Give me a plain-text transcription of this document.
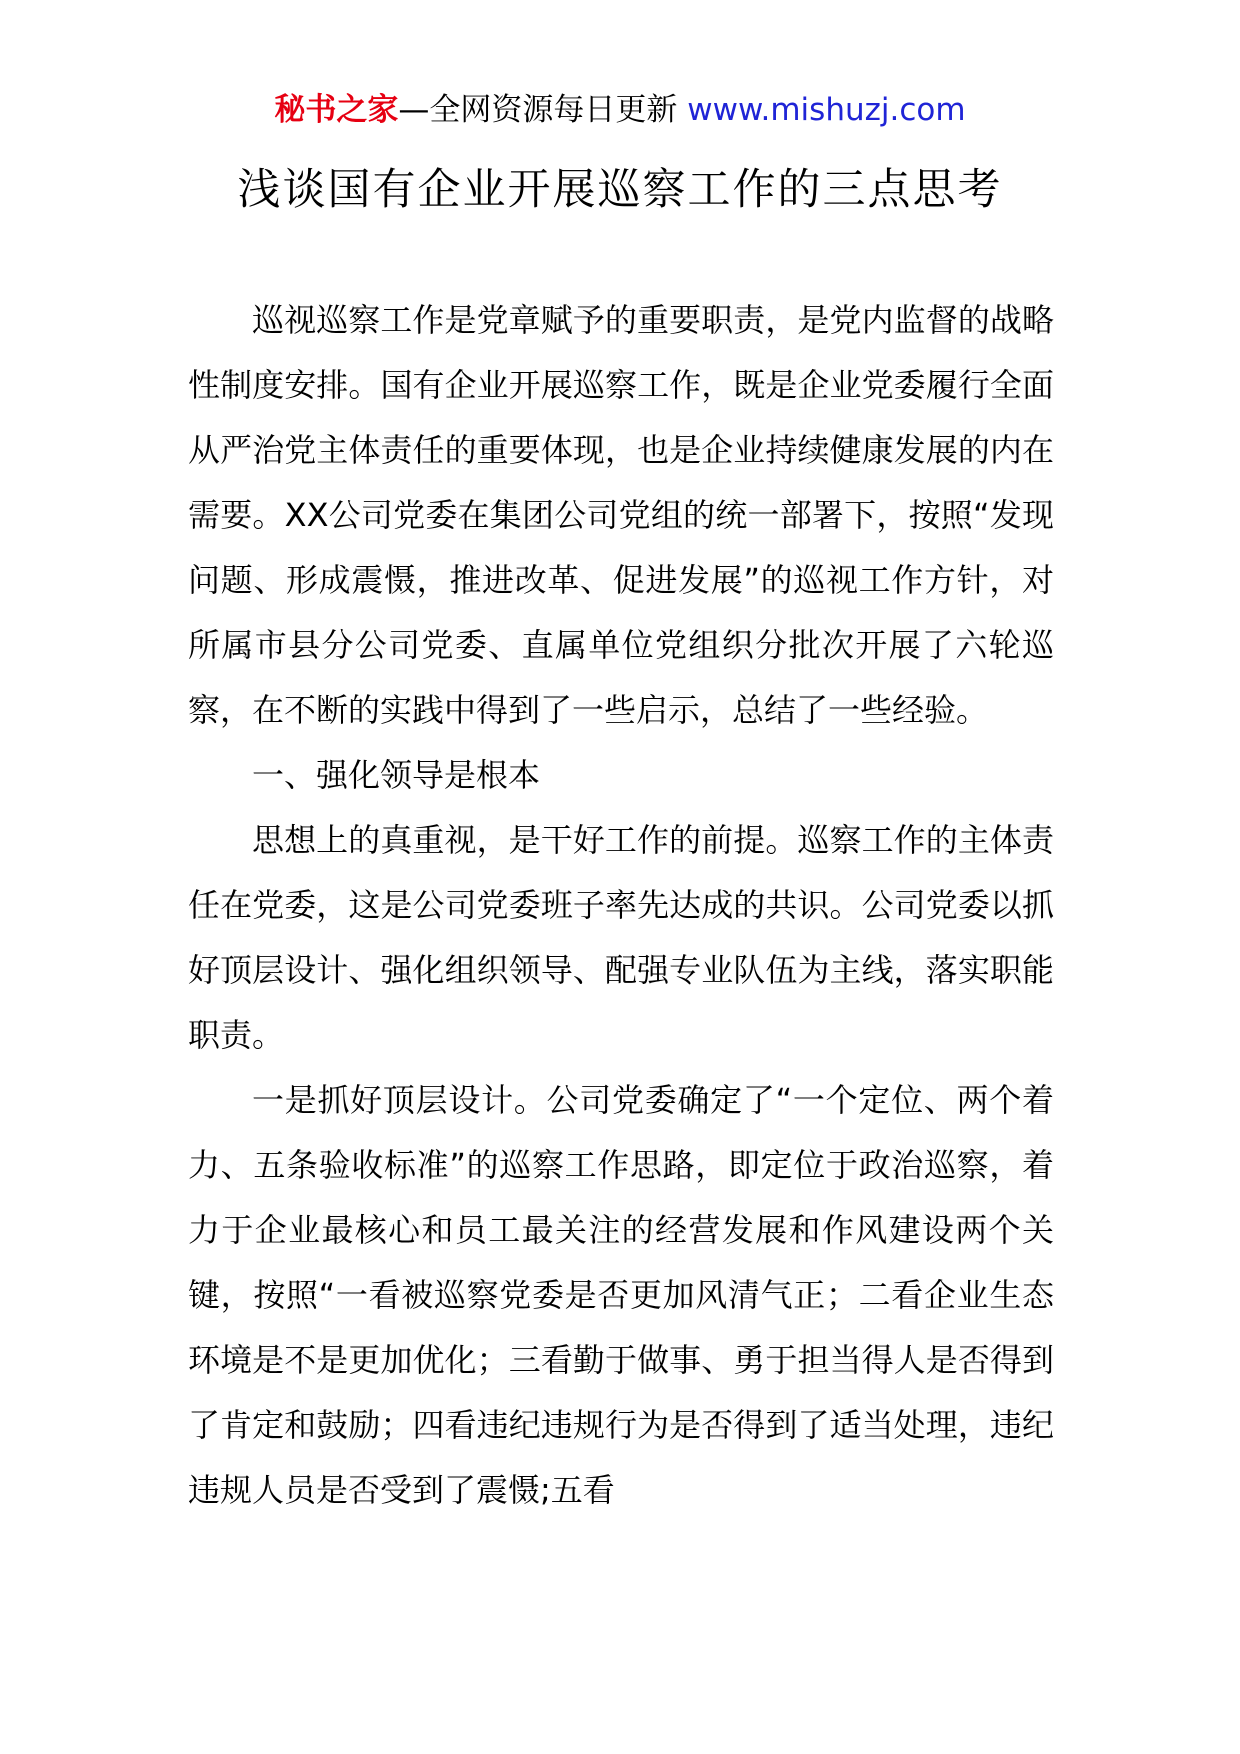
秘书之家—全网资源每日更新 www.mishuzj.com
浅谈国有企业开展巡察工作的三点思考

巡视巡察工作是党章赋予的重要职责，是党内监督的战略性制度安排。国有企业开展巡察工作，既是企业党委履行全面从严治党主体责任的重要体现，也是企业持续健康发展的内在需要。XX公司党委在集团公司党组的统一部署下，按照“发现问题、形成震慑，推进改革、促进发展”的巡视工作方针，对所属市县分公司党委、直属单位党组织分批次开展了六轮巡察，在不断的实践中得到了一些启示，总结了一些经验。

一、强化领导是根本

思想上的真重视，是干好工作的前提。巡察工作的主体责任在党委，这是公司党委班子率先达成的共识。公司党委以抓好顶层设计、强化组织领导、配强专业队伍为主线，落实职能职责。

一是抓好顶层设计。公司党委确定了“一个定位、两个着力、五条验收标准”的巡察工作思路，即定位于政治巡察，着力于企业最核心和员工最关注的经营发展和作风建设两个关键，按照“一看被巡察党委是否更加风清气正；二看企业生态环境是不是更加优化；三看勤于做事、勇于担当得人是否得到了肯定和鼓励；四看违纪违规行为是否得到了适当处理，违纪违规人员是否受到了震慑;五看
